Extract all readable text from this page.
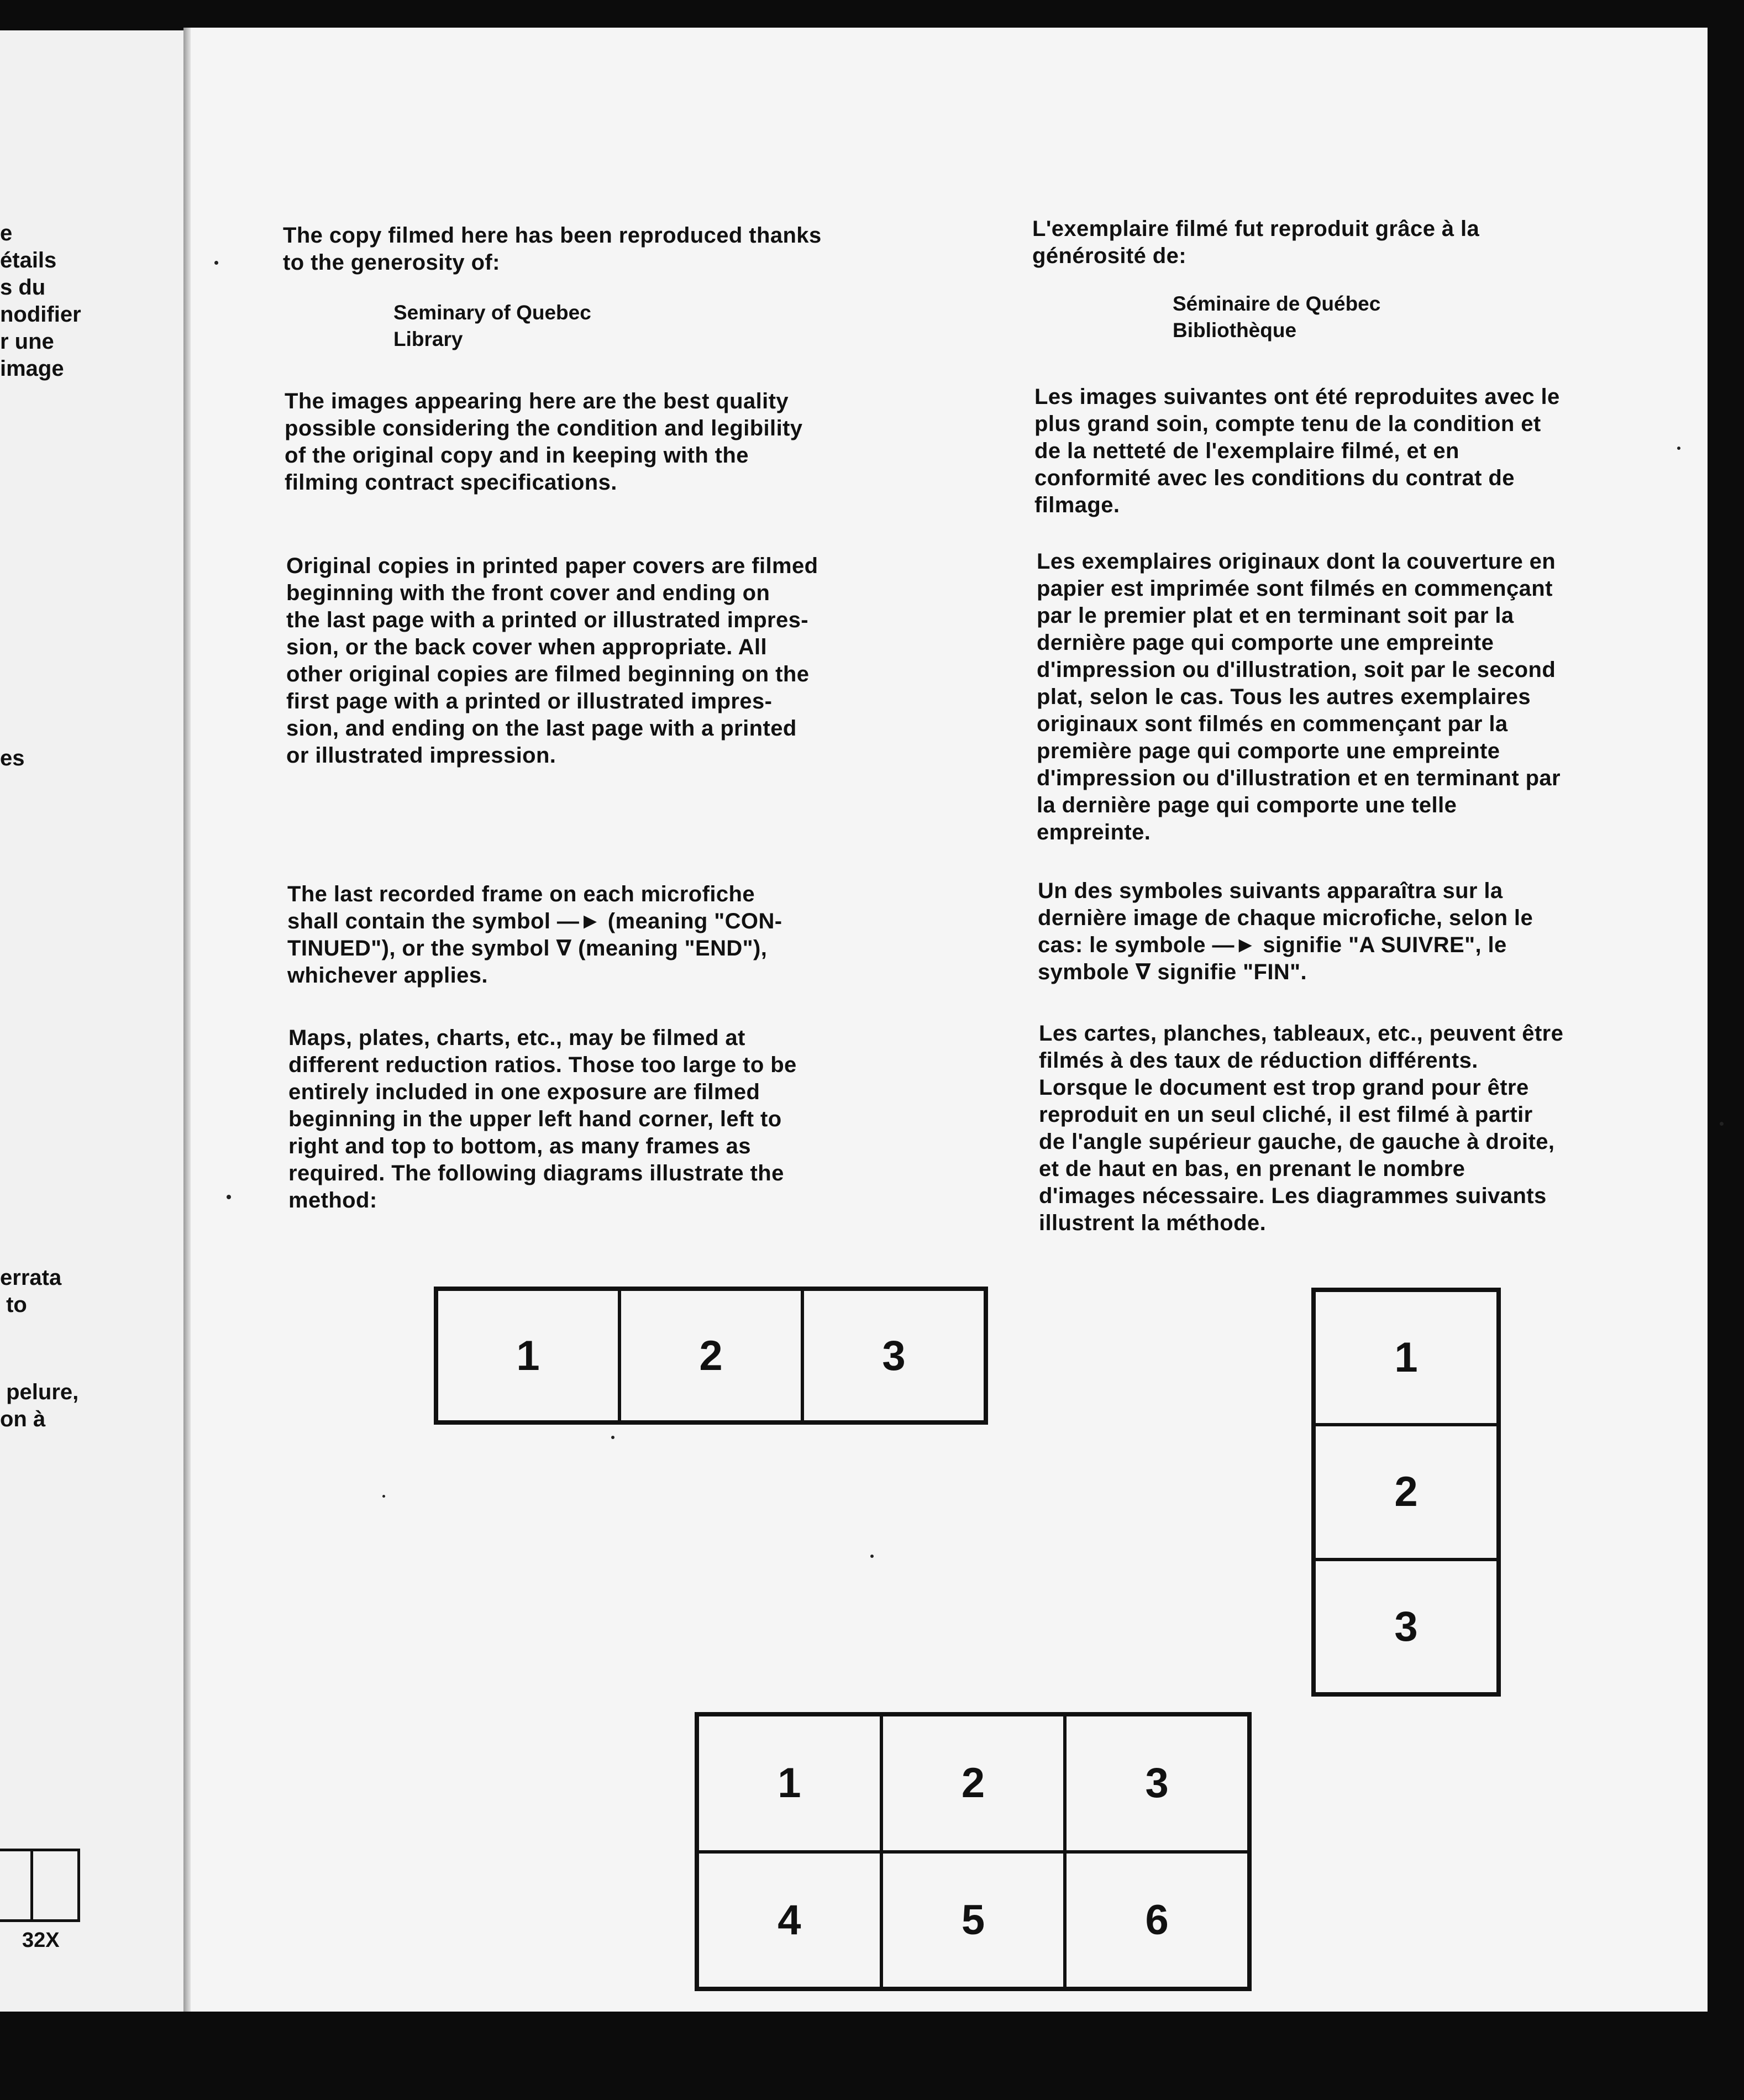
e
étails
s du
nodifier
r une
image
es
errata
to
pelure,
on à
32X
The copy filmed here has been reproduced thanks
to the generosity of:
Seminary of Quebec
Library
The images appearing here are the best quality
possible considering the condition and legibility
of the original copy and in keeping with the
filming contract specifications.
Original copies in printed paper covers are filmed
beginning with the front cover and ending on
the last page with a printed or illustrated impres-
sion, or the back cover when appropriate. All
other original copies are filmed beginning on the
first page with a printed or illustrated impres-
sion, and ending on the last page with a printed
or illustrated impression.
The last recorded frame on each microfiche
shall contain the symbol —► (meaning "CON-
TINUED"), or the symbol ∇ (meaning "END"),
whichever applies.
Maps, plates, charts, etc., may be filmed at
different reduction ratios. Those too large to be
entirely included in one exposure are filmed
beginning in the upper left hand corner, left to
right and top to bottom, as many frames as
required. The following diagrams illustrate the
method:
L'exemplaire filmé fut reproduit grâce à la
générosité de:
Séminaire de Québec
Bibliothèque
Les images suivantes ont été reproduites avec le
plus grand soin, compte tenu de la condition et
de la netteté de l'exemplaire filmé, et en
conformité avec les conditions du contrat de
filmage.
Les exemplaires originaux dont la couverture en
papier est imprimée sont filmés en commençant
par le premier plat et en terminant soit par la
dernière page qui comporte une empreinte
d'impression ou d'illustration, soit par le second
plat, selon le cas. Tous les autres exemplaires
originaux sont filmés en commençant par la
première page qui comporte une empreinte
d'impression ou d'illustration et en terminant par
la dernière page qui comporte une telle
empreinte.
Un des symboles suivants apparaîtra sur la
dernière image de chaque microfiche, selon le
cas: le symbole —► signifie "A SUIVRE", le
symbole ∇ signifie "FIN".
Les cartes, planches, tableaux, etc., peuvent être
filmés à des taux de réduction différents.
Lorsque le document est trop grand pour être
reproduit en un seul cliché, il est filmé à partir
de l'angle supérieur gauche, de gauche à droite,
et de haut en bas, en prenant le nombre
d'images nécessaire. Les diagrammes suivants
illustrent la méthode.
1	2	3	1
2
3
1	2	3
4	5	6
